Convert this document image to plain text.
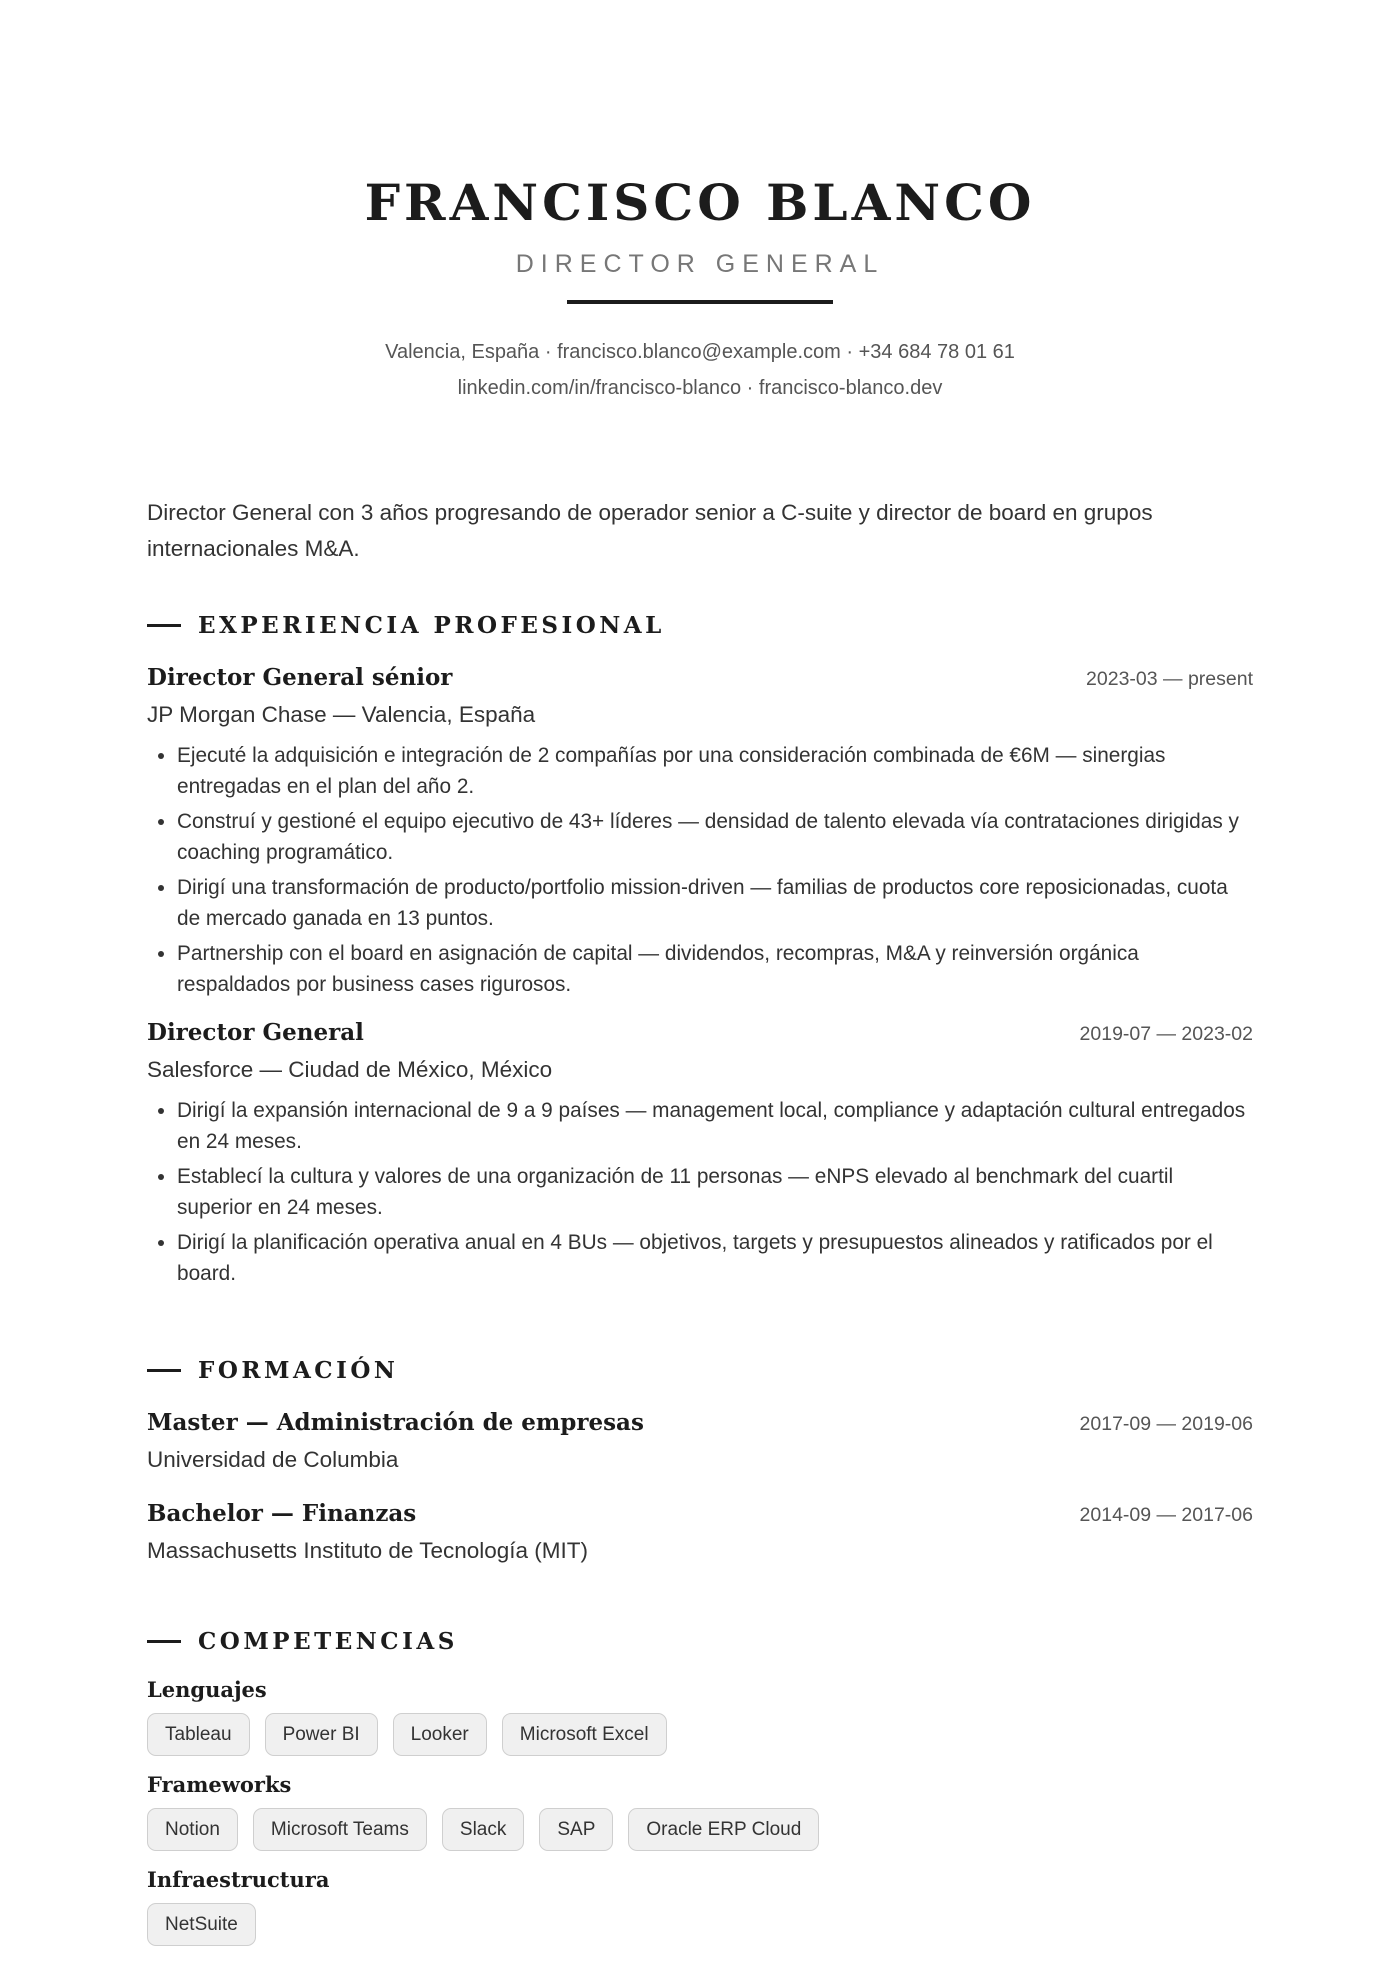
FRANCISCO BLANCO
DIRECTOR GENERAL
Valencia, España · francisco.blanco@example.com · +34 684 78 01 61
linkedin.com/in/francisco-blanco · francisco-blanco.dev
Director General con 3 años progresando de operador senior a C-suite y director de board en grupos internacionales M&A.
EXPERIENCIA PROFESIONAL
Director General sénior	2023-03 — present
JP Morgan Chase — Valencia, España
• Ejecuté la adquisición e integración de 2 compañías por una consideración combinada de €6M — sinergias entregadas en el plan del año 2.
• Construí y gestioné el equipo ejecutivo de 43+ líderes — densidad de talento elevada vía contrataciones dirigidas y coaching programático.
• Dirigí una transformación de producto/portfolio mission-driven — familias de productos core reposicionadas, cuota de mercado ganada en 13 puntos.
• Partnership con el board en asignación de capital — dividendos, recompras, M&A y reinversión orgánica respaldados por business cases rigurosos.
Director General	2019-07 — 2023-02
Salesforce — Ciudad de México, México
• Dirigí la expansión internacional de 9 a 9 países — management local, compliance y adaptación cultural entregados en 24 meses.
• Establecí la cultura y valores de una organización de 11 personas — eNPS elevado al benchmark del cuartil superior en 24 meses.
• Dirigí la planificación operativa anual en 4 BUs — objetivos, targets y presupuestos alineados y ratificados por el board.
FORMACIÓN
Master — Administración de empresas	2017-09 — 2019-06
Universidad de Columbia
Bachelor — Finanzas	2014-09 — 2017-06
Massachusetts Instituto de Tecnología (MIT)
COMPETENCIAS
Lenguajes
Tableau	Power BI	Looker	Microsoft Excel
Frameworks
Notion	Microsoft Teams	Slack	SAP	Oracle ERP Cloud
Infraestructura
NetSuite
